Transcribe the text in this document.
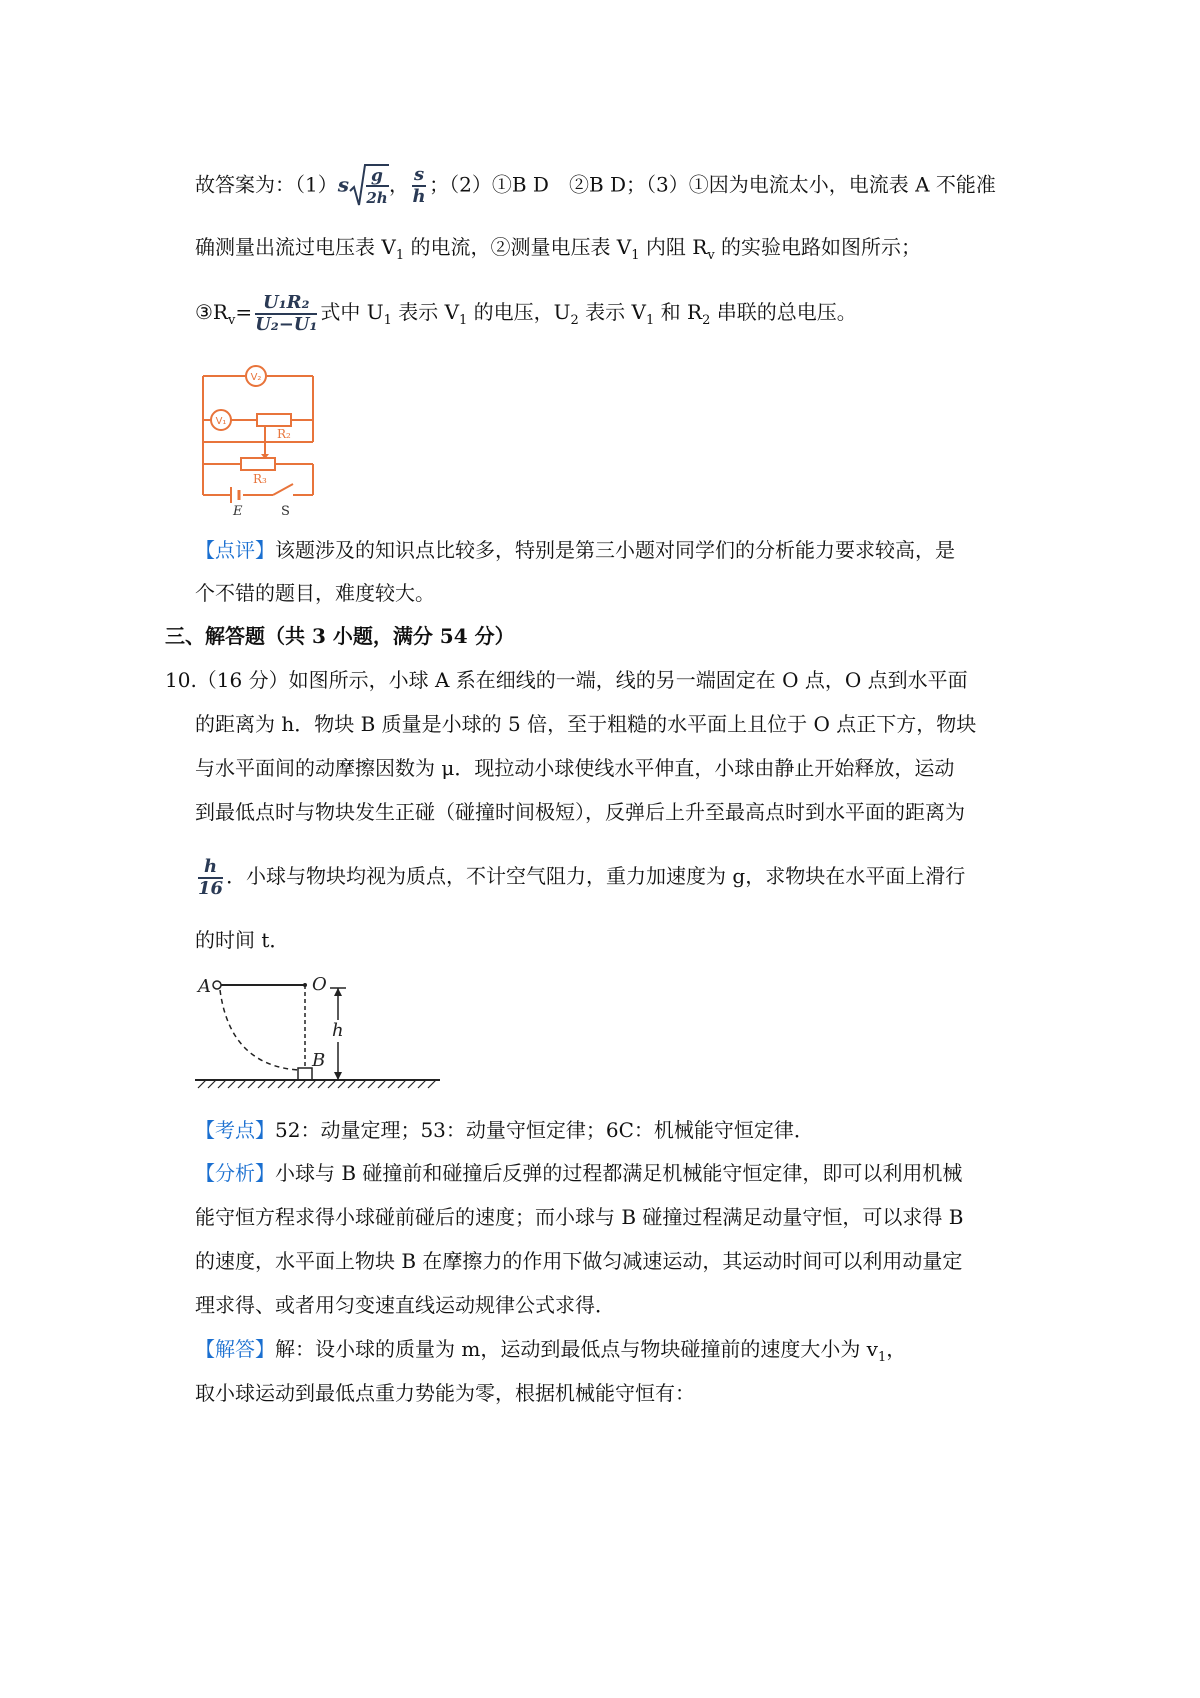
故答案为：（1）s g
2h
， $\frac{s}{h}$ ；（2）①B D　②B D；（3）①因为电流太小，电流表 A 不能准
确测量出流过电压表 $V_1$ 的电流，②测量电压表 $V_1$ 内阻 $R_v$ 的实验电路如图所示；
$③R_v= \frac{\text{U₁R₂}}{\text{U₂−U₁}}$ 式中 $U_1$ 表示 $V_1$ 的电压，$U_2$ 表示 $V_1$ 和 $R_2$ 串联的总电压。
V₂
V₁
R₂
R₃
E	S
【点评】该题涉及的知识点比较多，特别是第三小题对同学们的分析能力要求较高，是
个不错的题目，难度较大。
三、解答题（共 3 小题，满分 54 分）
10.（16 分）如图所示，小球 A 系在细线的一端，线的另一端固定在 O 点，O 点到水平面
的距离为 h．物块 B 质量是小球的 5 倍，至于粗糙的水平面上且位于 O 点正下方，物块
与水平面间的动摩擦因数为 μ．现拉动小球使线水平伸直，小球由静止开始释放，运动
到最低点时与物块发生正碰（碰撞时间极短），反弹后上升至最高点时到水平面的距离为
$\frac{h}{16}$ ．小球与物块均视为质点，不计空气阻力，重力加速度为 g，求物块在水平面上滑行
的时间 t．
A	O
h
B
【考点】52：动量定理；53：动量守恒定律；6C：机械能守恒定律．
【分析】小球与 B 碰撞前和碰撞后反弹的过程都满足机械能守恒定律，即可以利用机械
能守恒方程求得小球碰前碰后的速度；而小球与 B 碰撞过程满足动量守恒，可以求得 B
的速度，水平面上物块 B 在摩擦力的作用下做匀减速运动，其运动时间可以利用动量定
理求得、或者用匀变速直线运动规律公式求得．
【解答】解：设小球的质量为 m，运动到最低点与物块碰撞前的速度大小为 $v_1$，
取小球运动到最低点重力势能为零，根据机械能守恒有：
